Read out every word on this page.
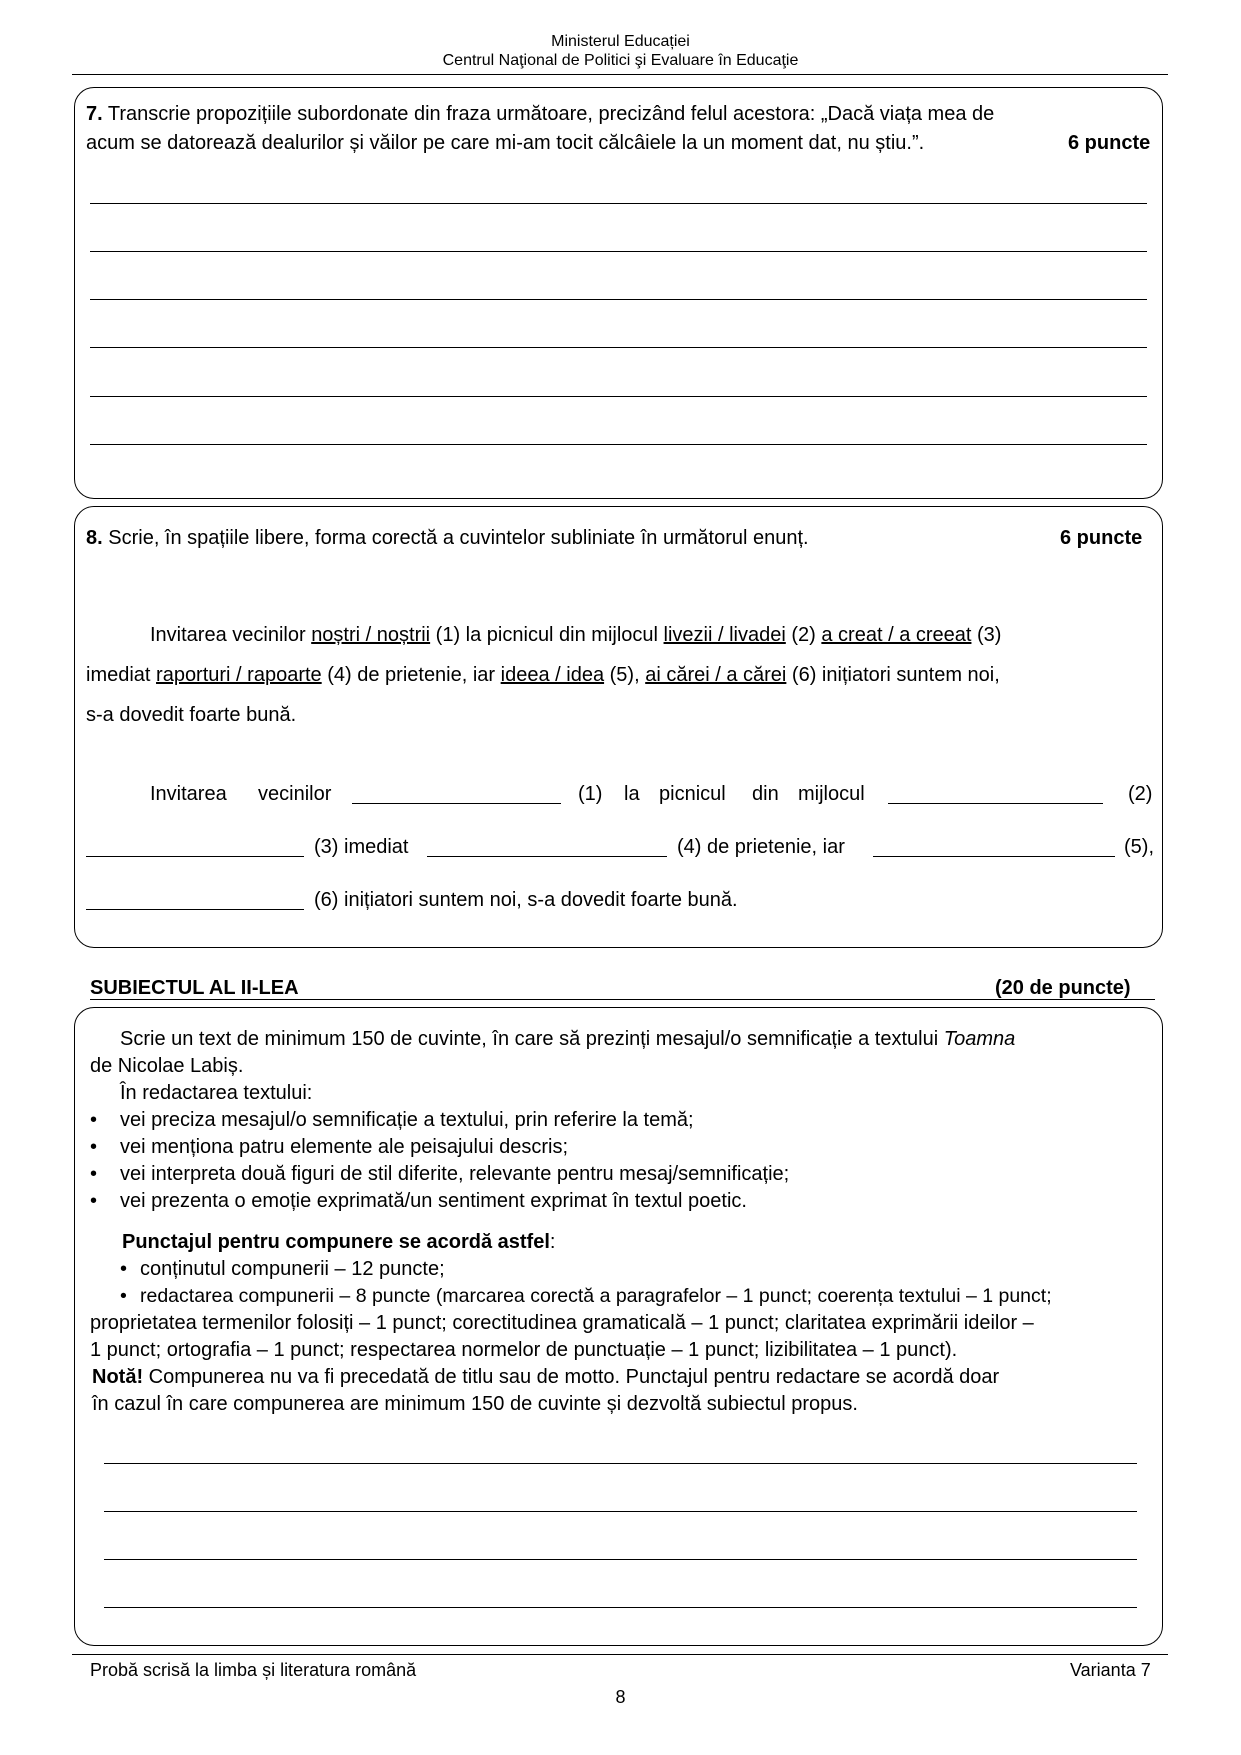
Ministerul Educației
Centrul Naţional de Politici şi Evaluare în Educaţie
7. Transcrie propozițiile subordonate din fraza următoare, precizând felul acestora: „Dacă viața mea de
acum se datorează dealurilor și văilor pe care mi-am tocit călcâiele la un moment dat, nu știu.”.	6 puncte
8. Scrie, în spațiile libere, forma corectă a cuvintelor subliniate în următorul enunț.	6 puncte
Invitarea vecinilor noștri / noștrii (1) la picnicul din mijlocul livezii / livadei (2) a creat / a creeat (3)
imediat raporturi / rapoarte (4) de prietenie, iar ideea / idea (5), ai cărei / a cărei (6) inițiatori suntem noi,
s-a dovedit foarte bună.
Invitarea vecinilor	(1) la picnicul din mijlocul	(2)
(3) imediat	(4) de prietenie, iar	(5),
(6) inițiatori suntem noi, s-a dovedit foarte bună.
SUBIECTUL AL II-LEA	(20 de puncte)
Scrie un text de minimum 150 de cuvinte, în care să prezinți mesajul/o semnificație a textului Toamna
de Nicolae Labiș.
În redactarea textului:
• vei preciza mesajul/o semnificație a textului, prin referire la temă;
• vei menționa patru elemente ale peisajului descris;
• vei interpreta două figuri de stil diferite, relevante pentru mesaj/semnificație;
• vei prezenta o emoție exprimată/un sentiment exprimat în textul poetic.
Punctajul pentru compunere se acordă astfel:
• conținutul compunerii – 12 puncte;
• redactarea compunerii – 8 puncte (marcarea corectă a paragrafelor – 1 punct; coerența textului – 1 punct;
proprietatea termenilor folosiți – 1 punct; corectitudinea gramaticală – 1 punct; claritatea exprimării ideilor –
1 punct; ortografia – 1 punct; respectarea normelor de punctuație – 1 punct; lizibilitatea – 1 punct).
Notă! Compunerea nu va fi precedată de titlu sau de motto. Punctajul pentru redactare se acordă doar
în cazul în care compunerea are minimum 150 de cuvinte și dezvoltă subiectul propus.
Probă scrisă la limba și literatura română	Varianta 7
8
